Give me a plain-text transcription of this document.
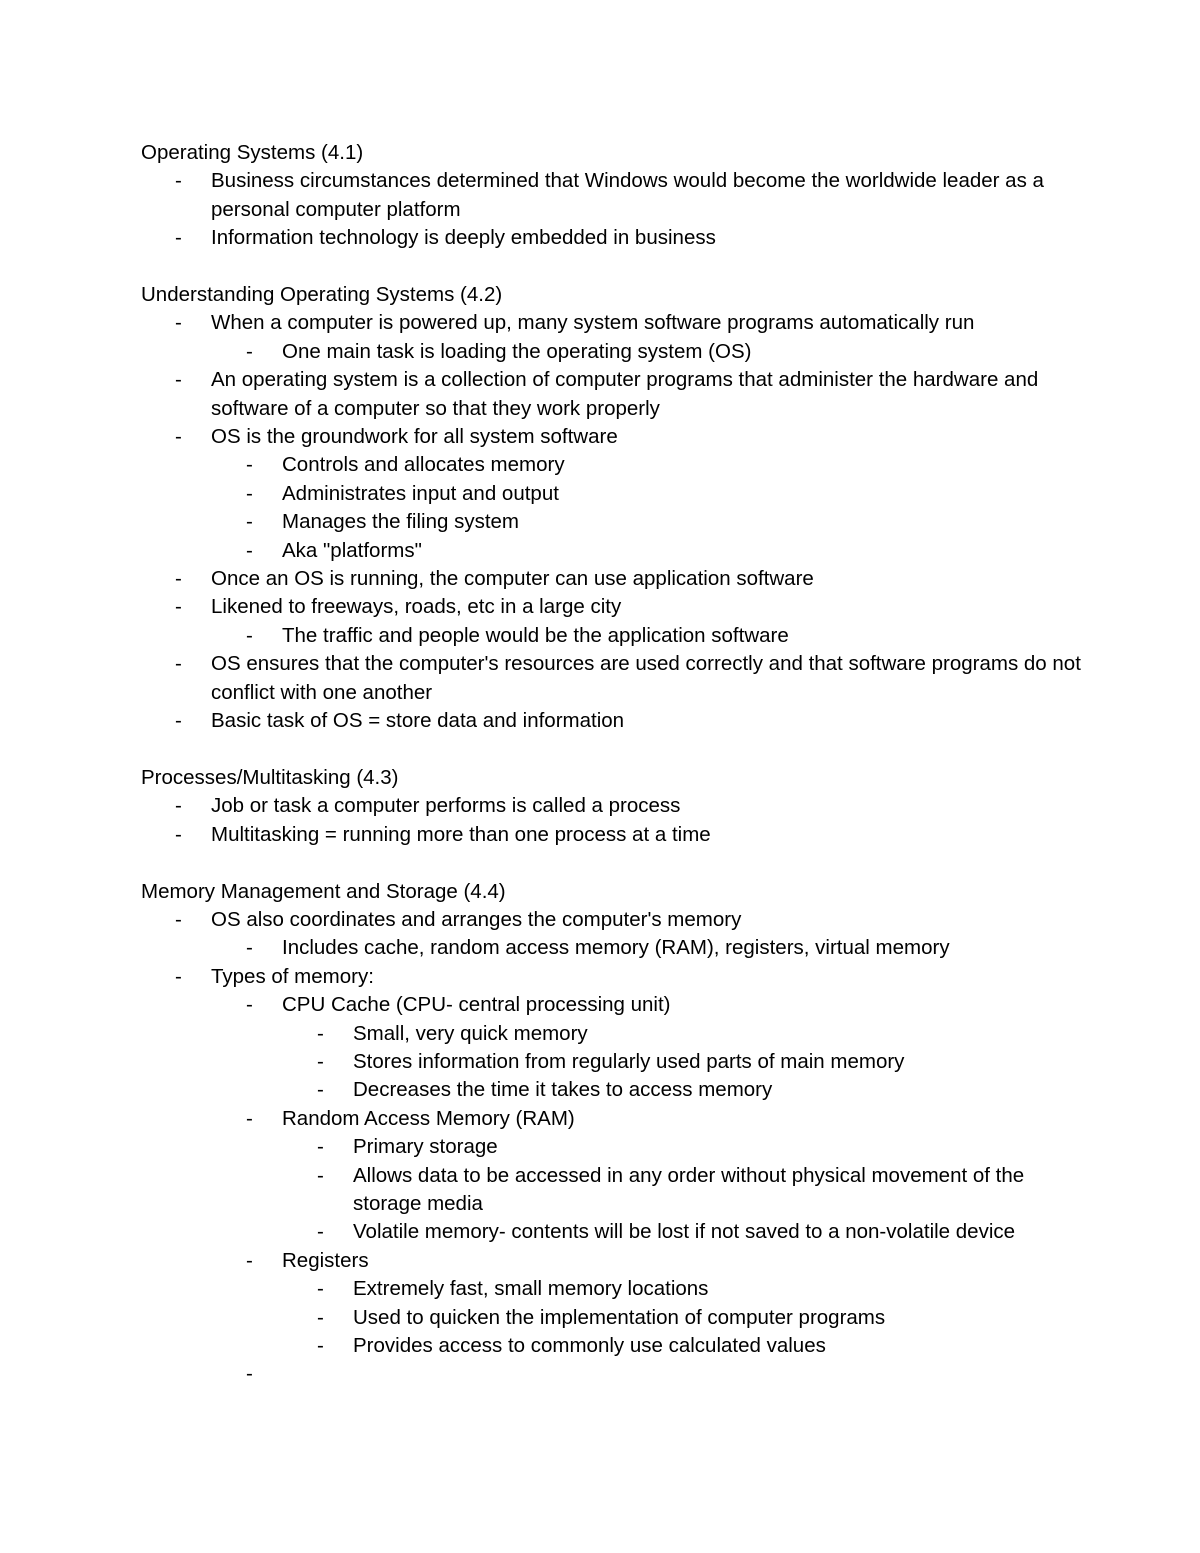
Operating Systems (4.1)
-	Business circumstances determined that Windows would become the worldwide leader as a personal computer platform
-	Information technology is deeply embedded in business
Understanding Operating Systems (4.2)
-	When a computer is powered up, many system software programs automatically run
-	One main task is loading the operating system (OS)
-	An operating system is a collection of computer programs that administer the hardware and software of a computer so that they work properly
-	OS is the groundwork for all system software
-	Controls and allocates memory
-	Administrates input and output
-	Manages the filing system
-	Aka "platforms"
-	Once an OS is running, the computer can use application software
-	Likened to freeways, roads, etc in a large city
-	The traffic and people would be the application software
-	OS ensures that the computer's resources are used correctly and that software programs do not conflict with one another
-	Basic task of OS = store data and information
Processes/Multitasking (4.3)
-	Job or task a computer performs is called a process
-	Multitasking = running more than one process at a time
Memory Management and Storage (4.4)
-	OS also coordinates and arranges the computer's memory
-	Includes cache, random access memory (RAM), registers, virtual memory
-	Types of memory:
-	CPU Cache (CPU- central processing unit)
-	Small, very quick memory
-	Stores information from regularly used parts of main memory
-	Decreases the time it takes to access memory
-	Random Access Memory (RAM)
-	Primary storage
-	Allows data to be accessed in any order without physical movement of the storage media
-	Volatile memory- contents will be lost if not saved to a non-volatile device
-	Registers
-	Extremely fast, small memory locations
-	Used to quicken the implementation of computer programs
-	Provides access to commonly use calculated values
-
